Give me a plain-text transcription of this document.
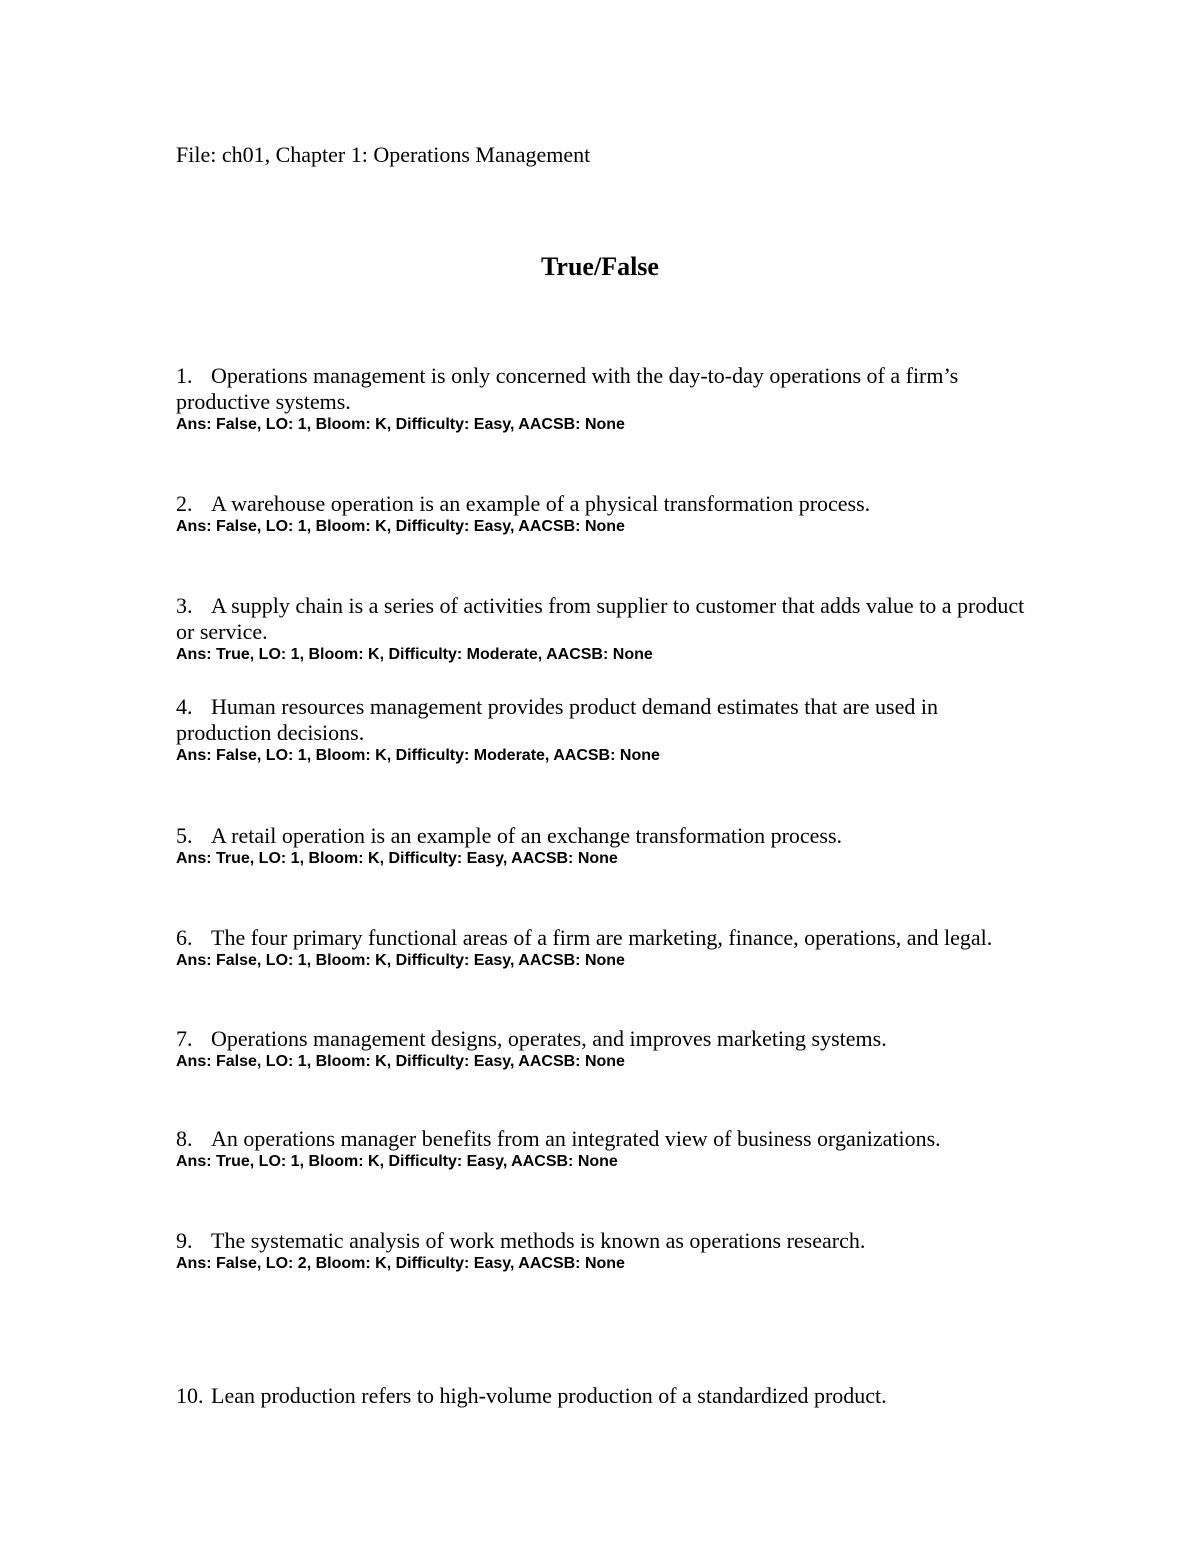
File: ch01, Chapter 1: Operations Management
True/False

1. Operations management is only concerned with the day-to-day operations of a firm’s productive systems.

Ans: False, LO: 1, Bloom: K, Difficulty: Easy, AACSB: None

2. A warehouse operation is an example of a physical transformation process.

Ans: False, LO: 1, Bloom: K, Difficulty: Easy, AACSB: None

3. A supply chain is a series of activities from supplier to customer that adds value to a product or service.

Ans: True, LO: 1, Bloom: K, Difficulty: Moderate, AACSB: None

4. Human resources management provides product demand estimates that are used in production decisions.

Ans: False, LO: 1, Bloom: K, Difficulty: Moderate, AACSB: None

5. A retail operation is an example of an exchange transformation process.

Ans: True, LO: 1, Bloom: K, Difficulty: Easy, AACSB: None

6. The four primary functional areas of a firm are marketing, finance, operations, and legal.

Ans: False, LO: 1, Bloom: K, Difficulty: Easy, AACSB: None

7. Operations management designs, operates, and improves marketing systems.

Ans: False, LO: 1, Bloom: K, Difficulty: Easy, AACSB: None

8. An operations manager benefits from an integrated view of business organizations.

Ans: True, LO: 1, Bloom: K, Difficulty: Easy, AACSB: None

9. The systematic analysis of work methods is known as operations research.

Ans: False, LO: 2, Bloom: K, Difficulty: Easy, AACSB: None

10. Lean production refers to high-volume production of a standardized product.
